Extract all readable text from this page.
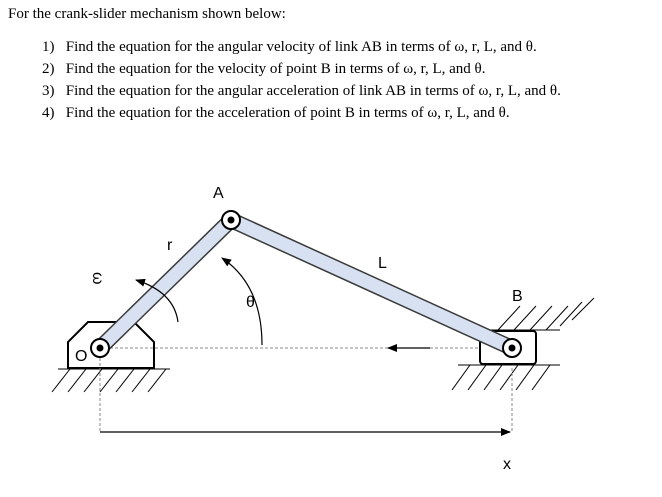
For the crank-slider mechanism shown below:

1) Find the equation for the angular velocity of link AB in terms of ω, r, L, and θ.
2) Find the equation for the velocity of point B in terms of ω, r, L, and θ.
3) Find the equation for the angular acceleration of link AB in terms of ω, r, L, and θ.
4) Find the equation for the acceleration of point B in terms of ω, r, L, and θ.
A
r
L
ω
θ	B
O
x
